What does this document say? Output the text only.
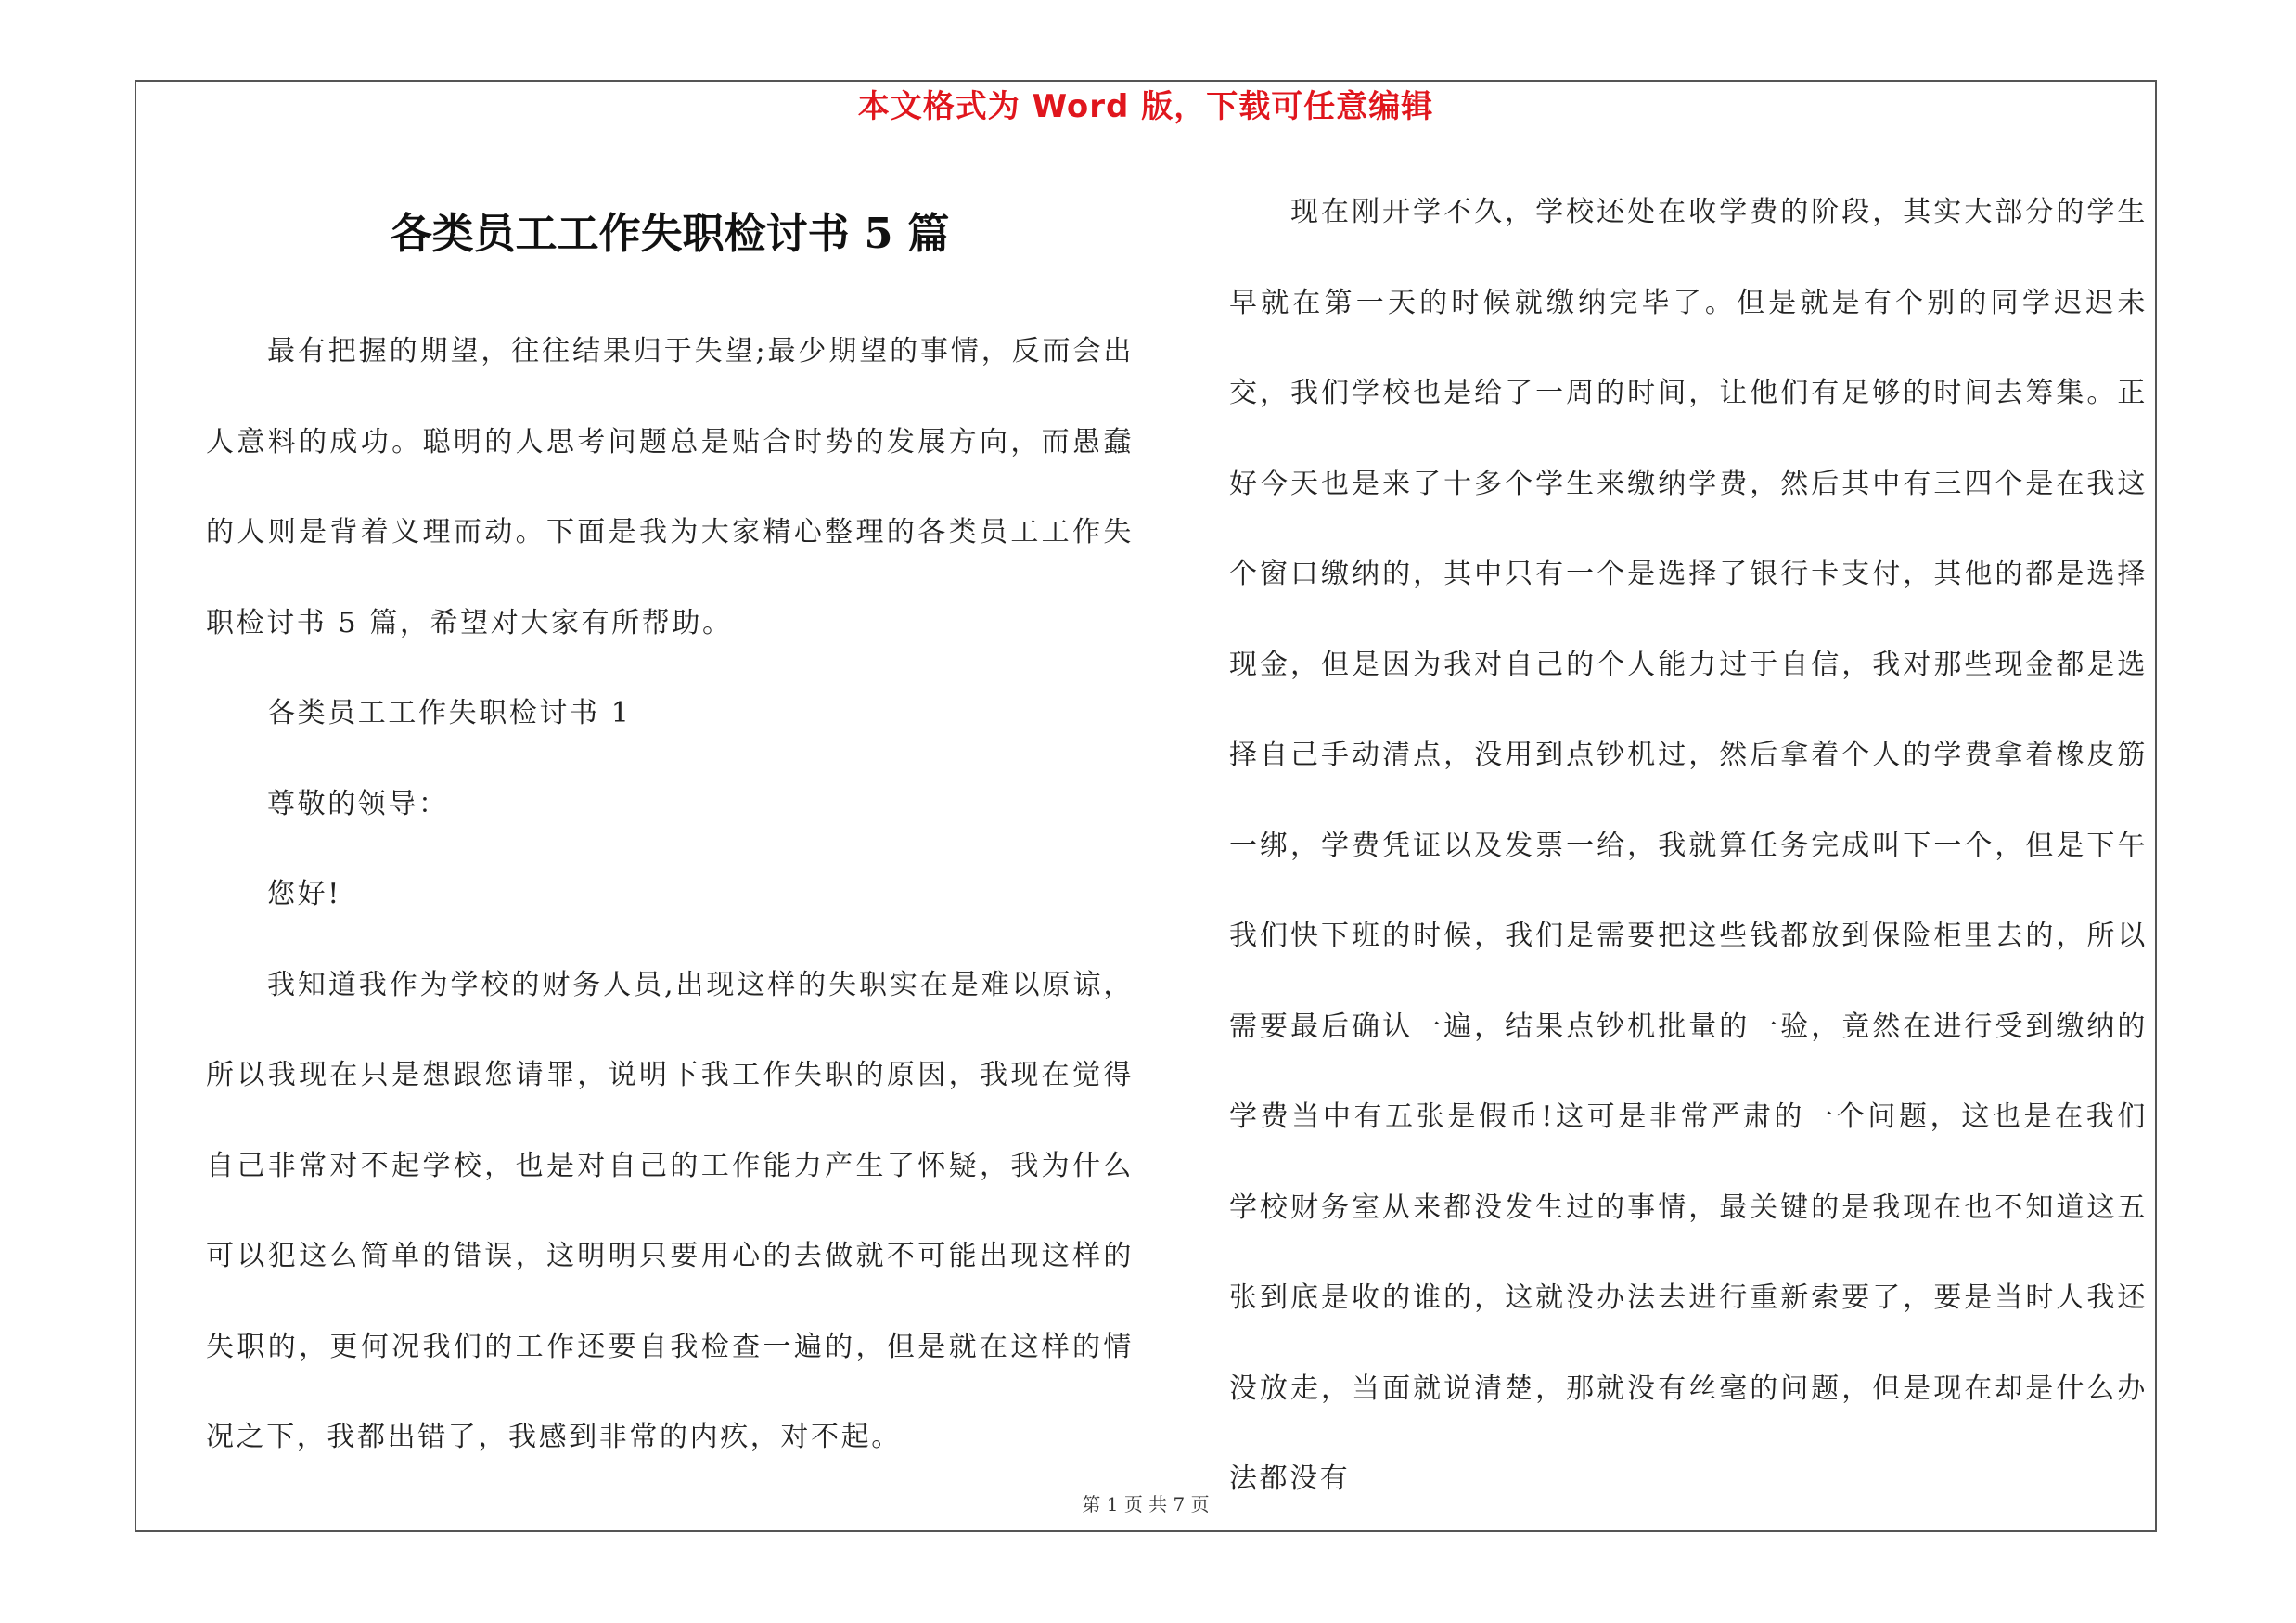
本文格式为 Word 版，下载可任意编辑
各类员工工作失职检讨书 5 篇

最有把握的期望，往往结果归于失望;最少期望的事情，反而会出人意料的成功。聪明的人思考问题总是贴合时势的发展方向，而愚蠢的人则是背着义理而动。下面是我为大家精心整理的各类员工工作失职检讨书 5 篇，希望对大家有所帮助。

各类员工工作失职检讨书 1

尊敬的领导：

您好!

我知道我作为学校的财务人员,出现这样的失职实在是难以原谅，所以我现在只是想跟您请罪，说明下我工作失职的原因，我现在觉得自己非常对不起学校，也是对自己的工作能力产生了怀疑，我为什么可以犯这么简单的错误，这明明只要用心的去做就不可能出现这样的失职的，更何况我们的工作还要自我检查一遍的，但是就在这样的情况之下，我都出错了，我感到非常的内疚，对不起。

现在刚开学不久，学校还处在收学费的阶段，其实大部分的学生早就在第一天的时候就缴纳完毕了。但是就是有个别的同学迟迟未交，我们学校也是给了一周的时间，让他们有足够的时间去筹集。正好今天也是来了十多个学生来缴纳学费，然后其中有三四个是在我这个窗口缴纳的，其中只有一个是选择了银行卡支付，其他的都是选择现金，但是因为我对自己的个人能力过于自信，我对那些现金都是选择自己手动清点，没用到点钞机过，然后拿着个人的学费拿着橡皮筋一绑，学费凭证以及发票一给，我就算任务完成叫下一个，但是下午我们快下班的时候，我们是需要把这些钱都放到保险柜里去的，所以需要最后确认一遍，结果点钞机批量的一验，竟然在进行受到缴纳的学费当中有五张是假币!这可是非常严肃的一个问题，这也是在我们学校财务室从来都没发生过的事情，最关键的是我现在也不知道这五张到底是收的谁的，这就没办法去进行重新索要了，要是当时人我还没放走，当面就说清楚，那就没有丝毫的问题，但是现在却是什么办法都没有

第 1 页 共 7 页
